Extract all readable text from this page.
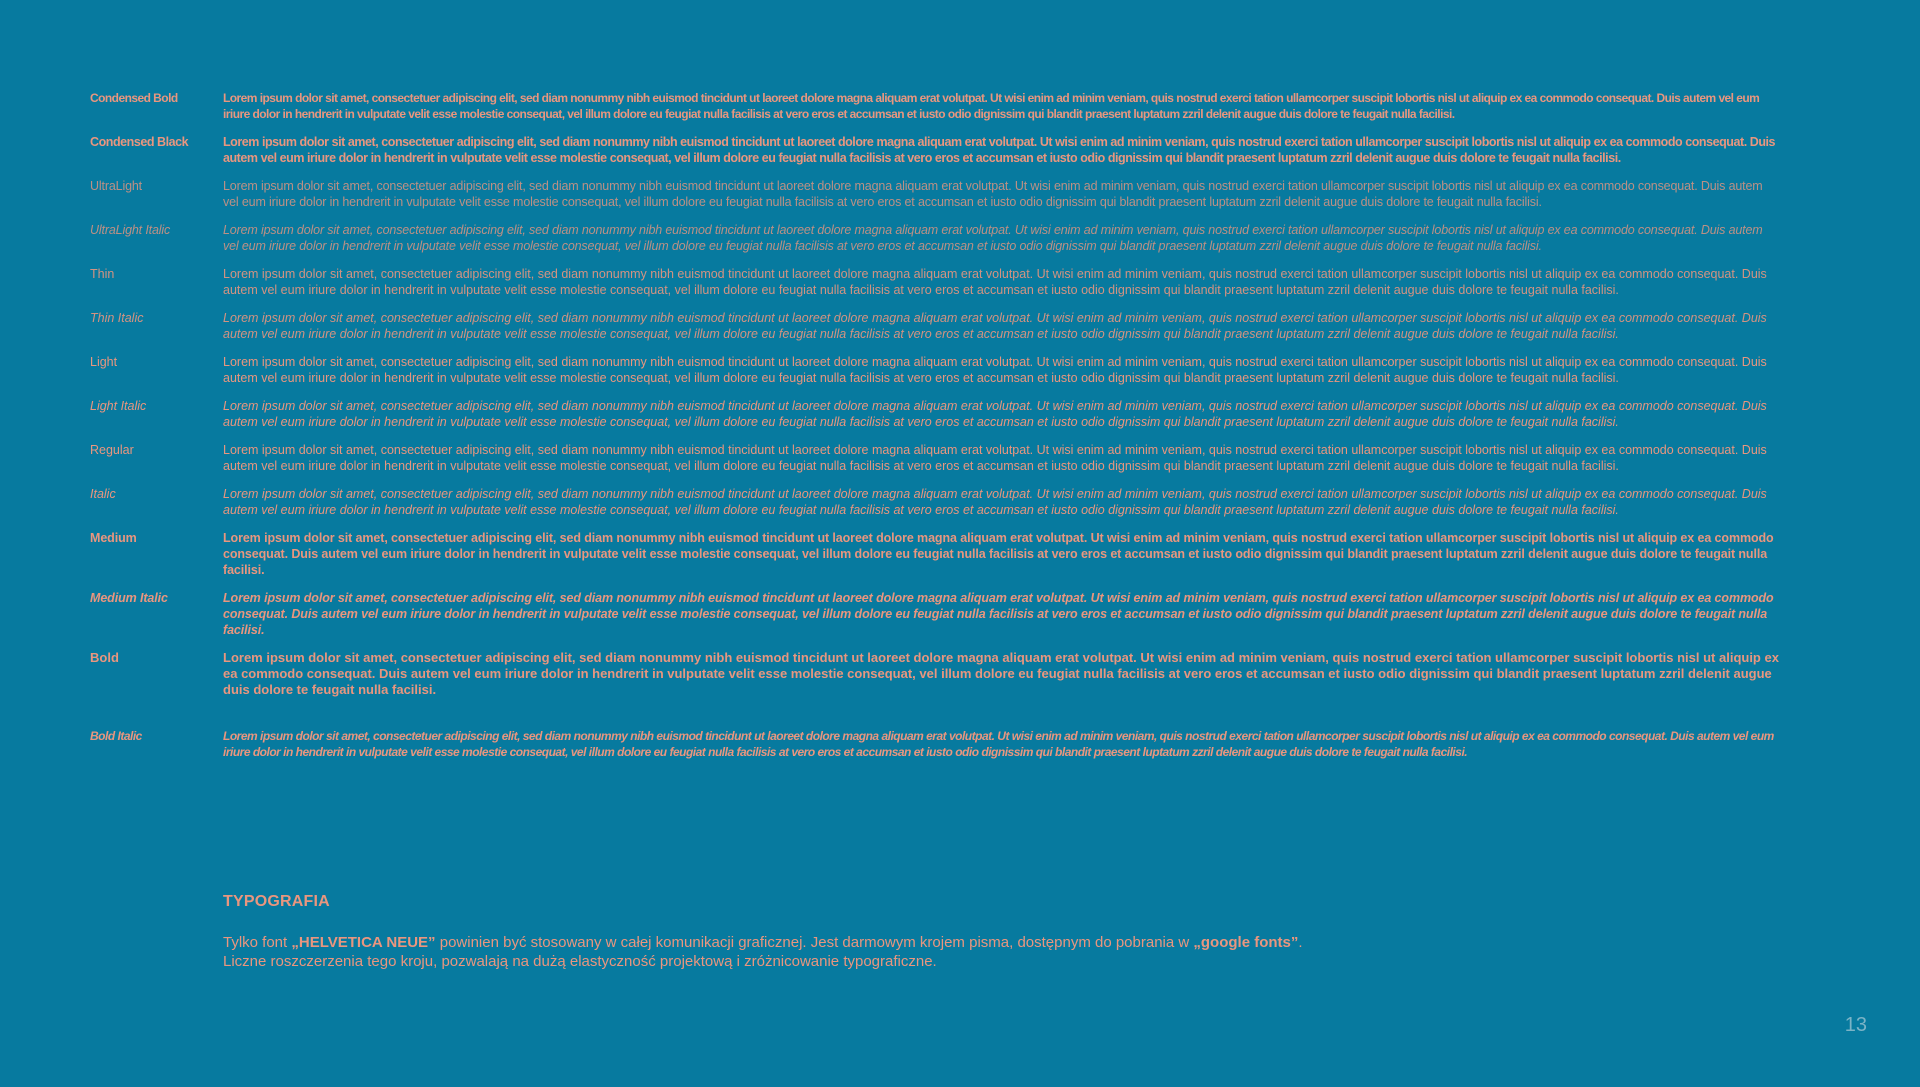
Condensed Bold	Lorem ipsum dolor sit amet, consectetuer adipiscing elit, sed diam nonummy nibh euismod tincidunt ut laoreet dolore magna aliquam erat volutpat. Ut wisi enim ad minim veniam, quis nostrud exerci tation ullamcorper suscipit lobortis nisl ut aliquip ex ea commodo consequat. Duis autem vel eum iriure dolor in hendrerit in vulputate velit esse molestie consequat, vel illum dolore eu feugiat nulla facilisis at vero eros et accumsan et iusto odio dignissim qui blandit praesent luptatum zzril delenit augue duis dolore te feugait nulla facilisi.
Condensed Black	Lorem ipsum dolor sit amet, consectetuer adipiscing elit, sed diam nonummy nibh euismod tincidunt ut laoreet dolore magna aliquam erat volutpat. Ut wisi enim ad minim veniam, quis nostrud exerci tation ullamcorper suscipit lobortis nisl ut aliquip ex ea commodo consequat. Duis autem vel eum iriure dolor in hendrerit in vulputate velit esse molestie consequat, vel illum dolore eu feugiat nulla facilisis at vero eros et accumsan et iusto odio dignissim qui blandit praesent luptatum zzril delenit augue duis dolore te feugait nulla facilisi.
UltraLight	Lorem ipsum dolor sit amet, consectetuer adipiscing elit, sed diam nonummy nibh euismod tincidunt ut laoreet dolore magna aliquam erat volutpat. Ut wisi enim ad minim veniam, quis nostrud exerci tation ullamcorper suscipit lobortis nisl ut aliquip ex ea commodo consequat. Duis autem vel eum iriure dolor in hendrerit in vulputate velit esse molestie consequat, vel illum dolore eu feugiat nulla facilisis at vero eros et accumsan et iusto odio dignissim qui blandit praesent luptatum zzril delenit augue duis dolore te feugait nulla facilisi.
UltraLight Italic	Lorem ipsum dolor sit amet, consectetuer adipiscing elit, sed diam nonummy nibh euismod tincidunt ut laoreet dolore magna aliquam erat volutpat. Ut wisi enim ad minim veniam, quis nostrud exerci tation ullamcorper suscipit lobortis nisl ut aliquip ex ea commodo consequat. Duis autem vel eum iriure dolor in hendrerit in vulputate velit esse molestie consequat, vel illum dolore eu feugiat nulla facilisis at vero eros et accumsan et iusto odio dignissim qui blandit praesent luptatum zzril delenit augue duis dolore te feugait nulla facilisi.
Thin	Lorem ipsum dolor sit amet, consectetuer adipiscing elit, sed diam nonummy nibh euismod tincidunt ut laoreet dolore magna aliquam erat volutpat. Ut wisi enim ad minim veniam, quis nostrud exerci tation ullamcorper suscipit lobortis nisl ut aliquip ex ea commodo consequat. Duis autem vel eum iriure dolor in hendrerit in vulputate velit esse molestie consequat, vel illum dolore eu feugiat nulla facilisis at vero eros et accumsan et iusto odio dignissim qui blandit praesent luptatum zzril delenit augue duis dolore te feugait nulla facilisi.
Thin Italic	Lorem ipsum dolor sit amet, consectetuer adipiscing elit, sed diam nonummy nibh euismod tincidunt ut laoreet dolore magna aliquam erat volutpat. Ut wisi enim ad minim veniam, quis nostrud exerci tation ullamcorper suscipit lobortis nisl ut aliquip ex ea commodo consequat. Duis autem vel eum iriure dolor in hendrerit in vulputate velit esse molestie consequat, vel illum dolore eu feugiat nulla facilisis at vero eros et accumsan et iusto odio dignissim qui blandit praesent luptatum zzril delenit augue duis dolore te feugait nulla facilisi.
Light	Lorem ipsum dolor sit amet, consectetuer adipiscing elit, sed diam nonummy nibh euismod tincidunt ut laoreet dolore magna aliquam erat volutpat. Ut wisi enim ad minim veniam, quis nostrud exerci tation ullamcorper suscipit lobortis nisl ut aliquip ex ea commodo consequat. Duis autem vel eum iriure dolor in hendrerit in vulputate velit esse molestie consequat, vel illum dolore eu feugiat nulla facilisis at vero eros et accumsan et iusto odio dignissim qui blandit praesent luptatum zzril delenit augue duis dolore te feugait nulla facilisi.
Light Italic	Lorem ipsum dolor sit amet, consectetuer adipiscing elit, sed diam nonummy nibh euismod tincidunt ut laoreet dolore magna aliquam erat volutpat. Ut wisi enim ad minim veniam, quis nostrud exerci tation ullamcorper suscipit lobortis nisl ut aliquip ex ea commodo consequat. Duis autem vel eum iriure dolor in hendrerit in vulputate velit esse molestie consequat, vel illum dolore eu feugiat nulla facilisis at vero eros et accumsan et iusto odio dignissim qui blandit praesent luptatum zzril delenit augue duis dolore te feugait nulla facilisi.
Regular	Lorem ipsum dolor sit amet, consectetuer adipiscing elit, sed diam nonummy nibh euismod tincidunt ut laoreet dolore magna aliquam erat volutpat. Ut wisi enim ad minim veniam, quis nostrud exerci tation ullamcorper suscipit lobortis nisl ut aliquip ex ea commodo consequat. Duis autem vel eum iriure dolor in hendrerit in vulputate velit esse molestie consequat, vel illum dolore eu feugiat nulla facilisis at vero eros et accumsan et iusto odio dignissim qui blandit praesent luptatum zzril delenit augue duis dolore te feugait nulla facilisi.
Italic	Lorem ipsum dolor sit amet, consectetuer adipiscing elit, sed diam nonummy nibh euismod tincidunt ut laoreet dolore magna aliquam erat volutpat. Ut wisi enim ad minim veniam, quis nostrud exerci tation ullamcorper suscipit lobortis nisl ut aliquip ex ea commodo consequat. Duis autem vel eum iriure dolor in hendrerit in vulputate velit esse molestie consequat, vel illum dolore eu feugiat nulla facilisis at vero eros et accumsan et iusto odio dignissim qui blandit praesent luptatum zzril delenit augue duis dolore te feugait nulla facilisi.
Medium	Lorem ipsum dolor sit amet, consectetuer adipiscing elit, sed diam nonummy nibh euismod tincidunt ut laoreet dolore magna aliquam erat volutpat. Ut wisi enim ad minim veniam, quis nostrud exerci tation ullamcorper suscipit lobortis nisl ut aliquip ex ea commodo consequat. Duis autem vel eum iriure dolor in hendrerit in vulputate velit esse molestie consequat, vel illum dolore eu feugiat nulla facilisis at vero eros et accumsan et iusto odio dignissim qui blandit praesent luptatum zzril delenit augue duis dolore te feugait nulla facilisi.
Medium Italic	Lorem ipsum dolor sit amet, consectetuer adipiscing elit, sed diam nonummy nibh euismod tincidunt ut laoreet dolore magna aliquam erat volutpat. Ut wisi enim ad minim veniam, quis nostrud exerci tation ullamcorper suscipit lobortis nisl ut aliquip ex ea commodo consequat. Duis autem vel eum iriure dolor in hendrerit in vulputate velit esse molestie consequat, vel illum dolore eu feugiat nulla facilisis at vero eros et accumsan et iusto odio dignissim qui blandit praesent luptatum zzril delenit augue duis dolore te feugait nulla facilisi.
Bold	Lorem ipsum dolor sit amet, consectetuer adipiscing elit, sed diam nonummy nibh euismod tincidunt ut laoreet dolore magna aliquam erat volutpat. Ut wisi enim ad minim veniam, quis nostrud exerci tation ullamcorper suscipit lobortis nisl ut aliquip ex ea commodo consequat. Duis autem vel eum iriure dolor in hendrerit in vulputate velit esse molestie consequat, vel illum dolore eu feugiat nulla facilisis at vero eros et accumsan et iusto odio dignissim qui blandit praesent luptatum zzril delenit augue duis dolore te feugait nulla facilisi.
Bold Italic	Lorem ipsum dolor sit amet, consectetuer adipiscing elit, sed diam nonummy nibh euismod tincidunt ut laoreet dolore magna aliquam erat volutpat. Ut wisi enim ad minim veniam, quis nostrud exerci tation ullamcorper suscipit lobortis nisl ut aliquip ex ea commodo consequat. Duis autem vel eum iriure dolor in hendrerit in vulputate velit esse molestie consequat, vel illum dolore eu feugiat nulla facilisis at vero eros et accumsan et iusto odio dignissim qui blandit praesent luptatum zzril delenit augue duis dolore te feugait nulla facilisi.
TYPOGRAFIA

Tylko font „HELVETICA NEUE” powinien być stosowany w całej komunikacji graficznej. Jest darmowym krojem pisma, dostępnym do pobrania w „google fonts”.
Liczne roszczerzenia tego kroju, pozwalają na dużą elastyczność projektową i zróżnicowanie typograficzne.

13
